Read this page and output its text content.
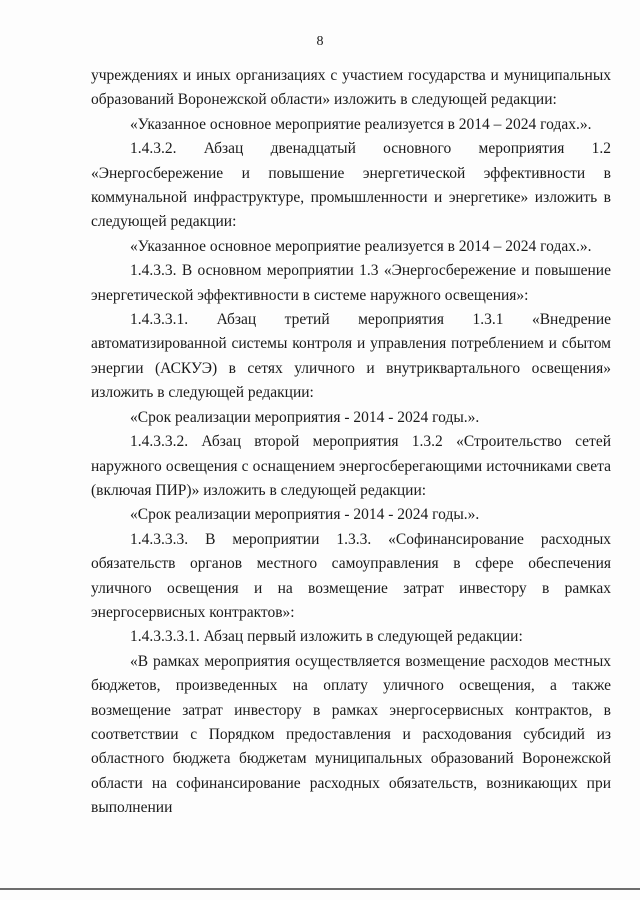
8

учреждениях и иных организациях с участием государства и муниципальных образований Воронежской области» изложить в следующей редакции:

«Указанное основное мероприятие реализуется в 2014 – 2024 годах.».

1.4.3.2. Абзац двенадцатый основного мероприятия 1.2 «Энергосбережение и повышение энергетической эффективности в коммунальной инфраструктуре, промышленности и энергетике» изложить в следующей редакции:

«Указанное основное мероприятие реализуется в 2014 – 2024 годах.».

1.4.3.3. В основном мероприятии 1.3 «Энергосбережение и повышение энергетической эффективности в системе наружного освещения»:

1.4.3.3.1. Абзац третий мероприятия 1.3.1 «Внедрение автоматизированной системы контроля и управления потреблением и сбытом энергии (АСКУЭ) в сетях уличного и внутриквартального освещения» изложить в следующей редакции:

«Срок реализации мероприятия - 2014 - 2024 годы.».

1.4.3.3.2. Абзац второй мероприятия 1.3.2 «Строительство сетей наружного освещения с оснащением энергосберегающими источниками света (включая ПИР)» изложить в следующей редакции:

«Срок реализации мероприятия - 2014 - 2024 годы.».

1.4.3.3.3. В мероприятии 1.3.3. «Софинансирование расходных обязательств органов местного самоуправления в сфере обеспечения уличного освещения и на возмещение затрат инвестору в рамках энергосервисных контрактов»:

1.4.3.3.3.1. Абзац первый изложить в следующей редакции:

«В рамках мероприятия осуществляется возмещение расходов местных бюджетов, произведенных на оплату уличного освещения, а также возмещение затрат инвестору в рамках энергосервисных контрактов, в соответствии с Порядком предоставления и расходования субсидий из областного бюджета бюджетам муниципальных образований Воронежской области на софинансирование расходных обязательств, возникающих при выполнении
